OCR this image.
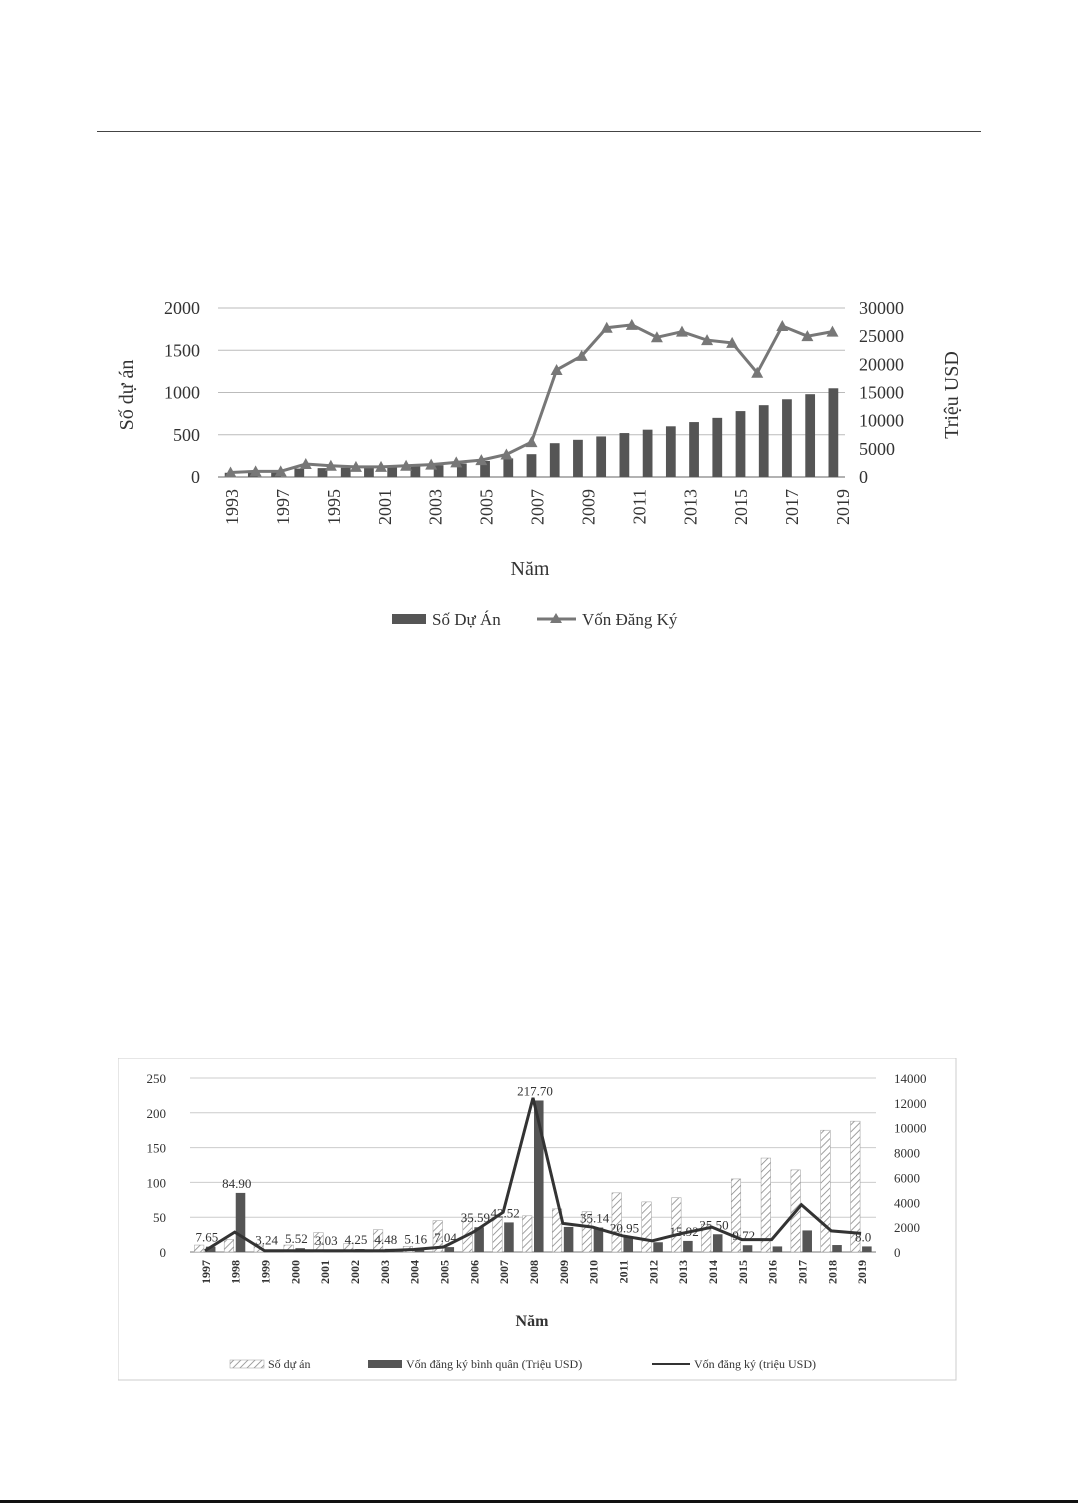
0
500
1000
1500
2000
0
5000
10000
15000
20000
25000
30000
1993 1997 1995 2001 2003 2005 2007 2009 2011 2013 2015 2017 2019
Năm
Số dự án	Triệu USD
Số Dự Án	Vốn Đăng Ký
7.65
84.90
3.24 5.52 3.03 4.25 4.48 5.16 7.04
35.59 42.52
217.70
35.14
20.95 15.92 25.50
9.72	8.0
0
50
100
150
200
250
0
2000
4000
6000
8000
10000
12000
14000
1997 1998 1999 2000 2001 2002 2003 2004 2005 2006 2007 2008 2009 2010 2011 2012 2013 2014 2015 2016 2017 2018 2019
Năm
Số dự án	Vốn đăng ký bình quân (Triệu USD)	Vốn đăng ký (triệu USD)
